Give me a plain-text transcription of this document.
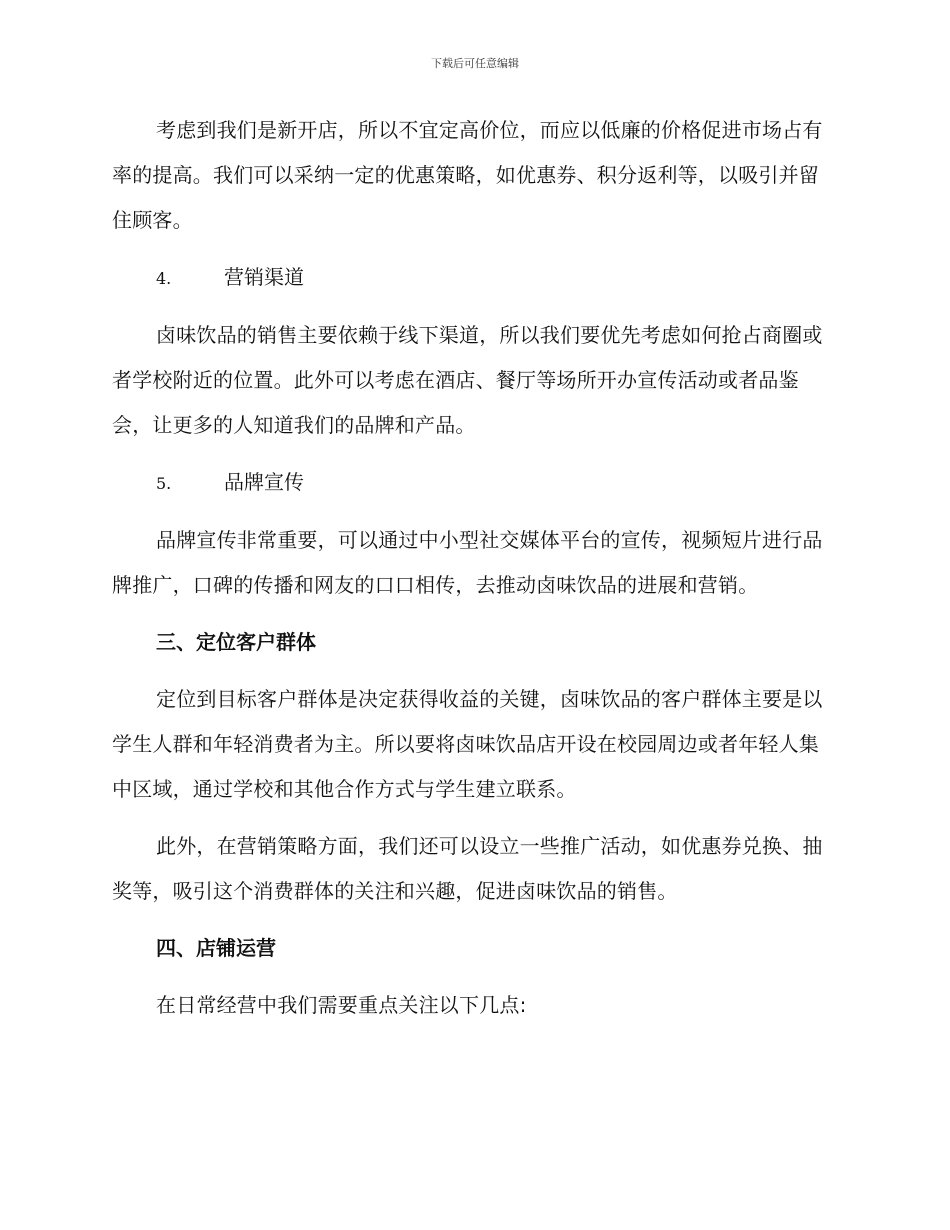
下载后可任意编辑

考虑到我们是新开店，所以不宜定高价位，而应以低廉的价格促进市场占有率的提高。我们可以采纳一定的优惠策略，如优惠券、积分返利等，以吸引并留住顾客。

4.	营销渠道

卤味饮品的销售主要依赖于线下渠道，所以我们要优先考虑如何抢占商圈或者学校附近的位置。此外可以考虑在酒店、餐厅等场所开办宣传活动或者品鉴会，让更多的人知道我们的品牌和产品。

5.	品牌宣传

品牌宣传非常重要，可以通过中小型社交媒体平台的宣传，视频短片进行品牌推广，口碑的传播和网友的口口相传，去推动卤味饮品的进展和营销。

三、定位客户群体

定位到目标客户群体是决定获得收益的关键，卤味饮品的客户群体主要是以学生人群和年轻消费者为主。所以要将卤味饮品店开设在校园周边或者年轻人集中区域，通过学校和其他合作方式与学生建立联系。

此外，在营销策略方面，我们还可以设立一些推广活动，如优惠券兑换、抽奖等，吸引这个消费群体的关注和兴趣，促进卤味饮品的销售。

四、店铺运营

在日常经营中我们需要重点关注以下几点:
